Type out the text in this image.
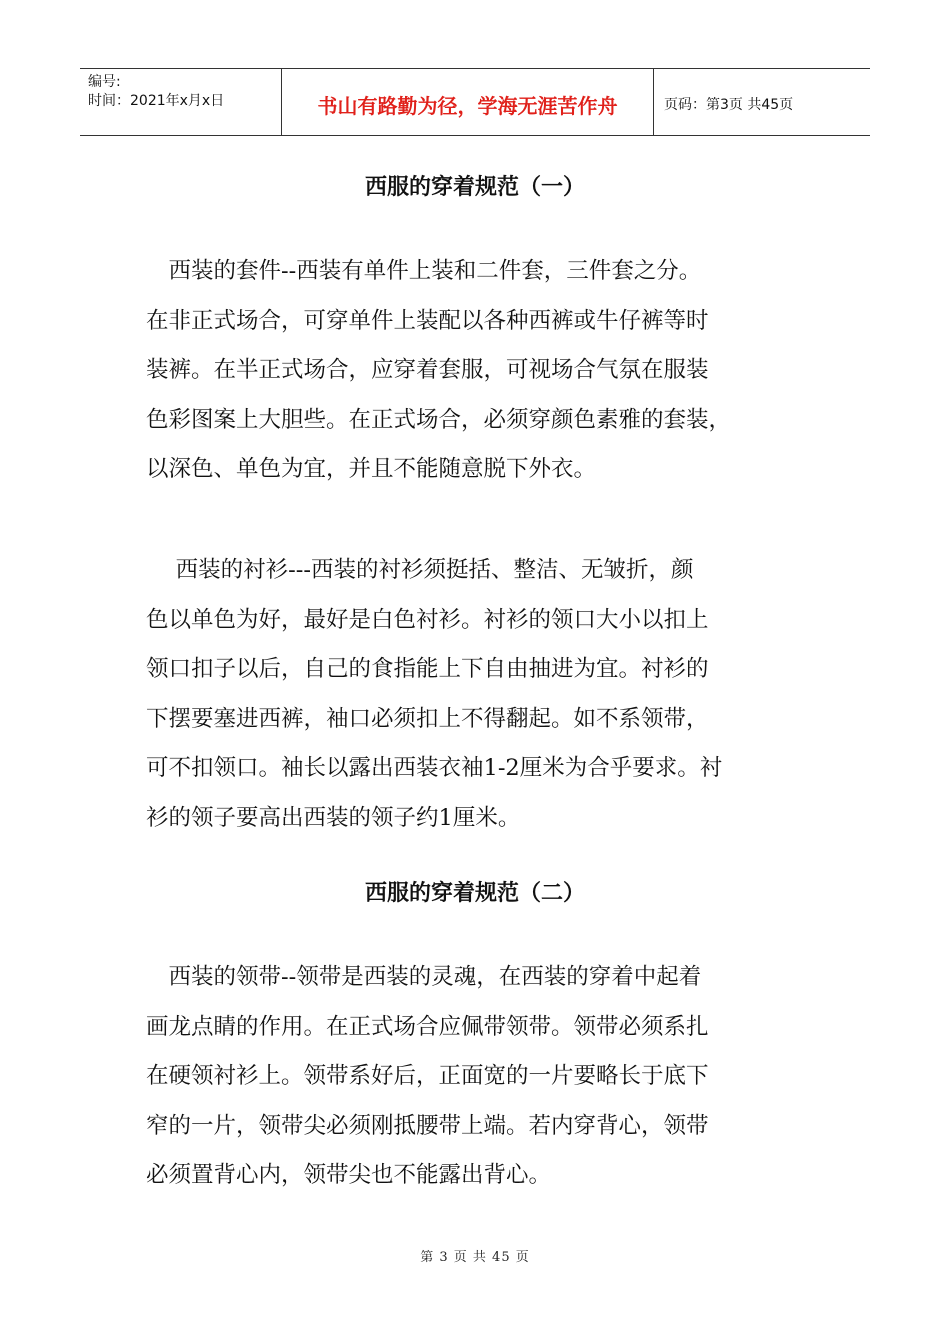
编号:
时间：2021年x月x日	书山有路勤为径，学海无涯苦作舟	页码：第3页 共45页
西服的穿着规范（一）
　西装的套件--西装有单件上装和二件套，三件套之分。
在非正式场合，可穿单件上装配以各种西裤或牛仔裤等时
装裤。在半正式场合，应穿着套服，可视场合气氛在服装
色彩图案上大胆些。在正式场合，必须穿颜色素雅的套装，
以深色、单色为宜，并且不能随意脱下外衣。
　 西装的衬衫---西装的衬衫须挺括、整洁、无皱折，颜
色以单色为好，最好是白色衬衫。衬衫的领口大小以扣上
领口扣子以后，自己的食指能上下自由抽进为宜。衬衫的
下摆要塞进西裤，袖口必须扣上不得翻起。如不系领带，
可不扣领口。袖长以露出西装衣袖1-2厘米为合乎要求。衬
衫的领子要高出西装的领子约1厘米。
西服的穿着规范（二）
　西装的领带--领带是西装的灵魂，在西装的穿着中起着
画龙点睛的作用。在正式场合应佩带领带。领带必须系扎
在硬领衬衫上。领带系好后，正面宽的一片要略长于底下
窄的一片，领带尖必须刚抵腰带上端。若内穿背心，领带
必须置背心内，领带尖也不能露出背心。
第 3 页 共 45 页
